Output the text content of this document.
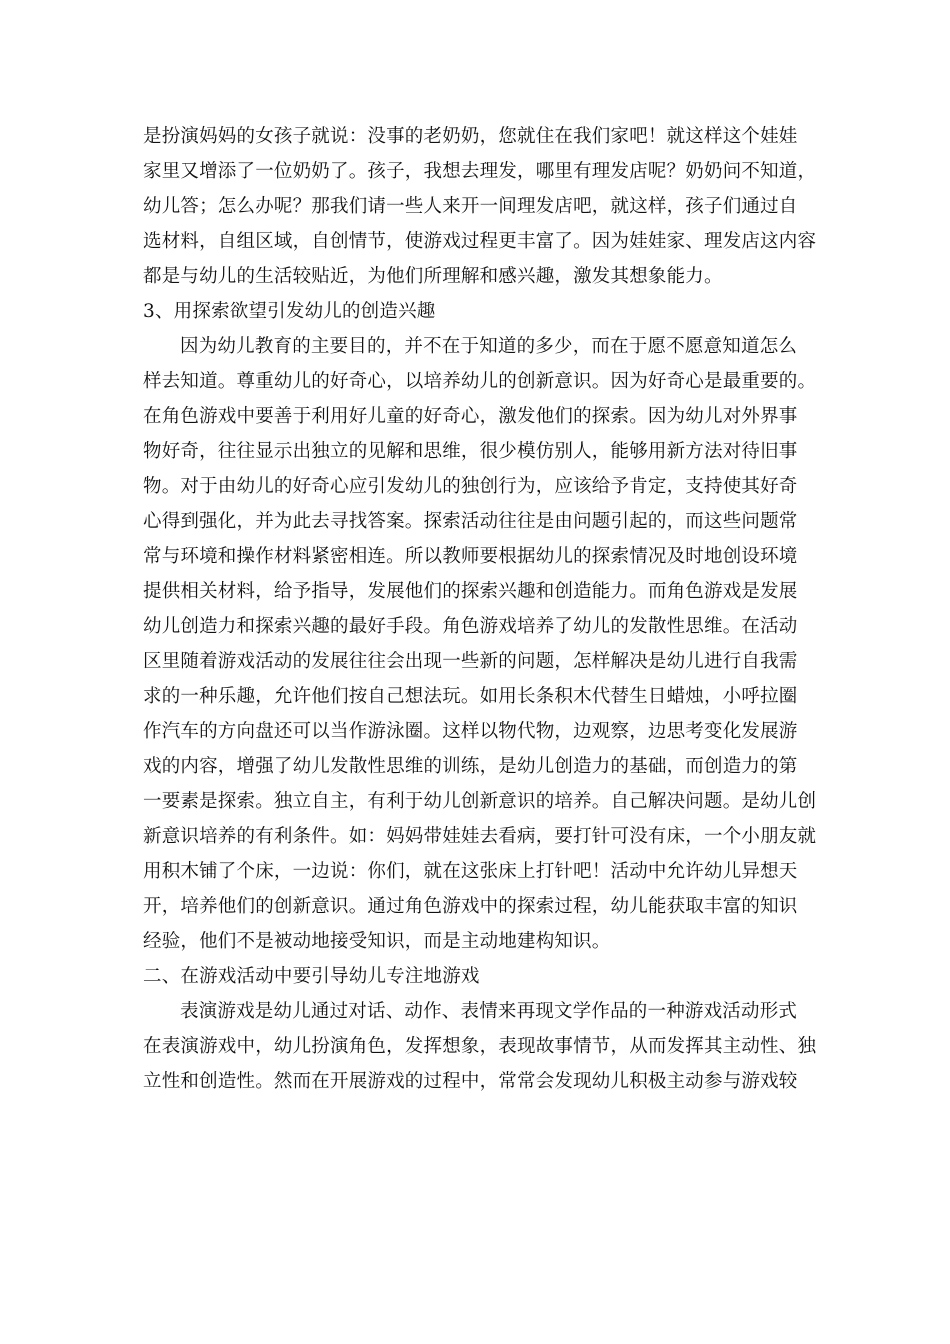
是扮演妈妈的女孩子就说：没事的老奶奶，您就住在我们家吧！就这样这个娃娃
家里又增添了一位奶奶了。孩子，我想去理发，哪里有理发店呢？奶奶问不知道，
幼儿答；怎么办呢？那我们请一些人来开一间理发店吧，就这样，孩子们通过自
选材料，自组区域，自创情节，使游戏过程更丰富了。因为娃娃家、理发店这内容
都是与幼儿的生活较贴近，为他们所理解和感兴趣，激发其想象能力。
3、用探索欲望引发幼儿的创造兴趣
因为幼儿教育的主要目的，并不在于知道的多少，而在于愿不愿意知道怎么
样去知道。尊重幼儿的好奇心，以培养幼儿的创新意识。因为好奇心是最重要的。
在角色游戏中要善于利用好儿童的好奇心，激发他们的探索。因为幼儿对外界事
物好奇，往往显示出独立的见解和思维，很少模仿别人，能够用新方法对待旧事
物。对于由幼儿的好奇心应引发幼儿的独创行为，应该给予肯定，支持使其好奇
心得到强化，并为此去寻找答案。探索活动往往是由问题引起的，而这些问题常
常与环境和操作材料紧密相连。所以教师要根据幼儿的探索情况及时地创设环境
提供相关材料，给予指导，发展他们的探索兴趣和创造能力。而角色游戏是发展
幼儿创造力和探索兴趣的最好手段。角色游戏培养了幼儿的发散性思维。在活动
区里随着游戏活动的发展往往会出现一些新的问题，怎样解决是幼儿进行自我需
求的一种乐趣，允许他们按自己想法玩。如用长条积木代替生日蜡烛，小呼拉圈
作汽车的方向盘还可以当作游泳圈。这样以物代物，边观察，边思考变化发展游
戏的内容，增强了幼儿发散性思维的训练，是幼儿创造力的基础，而创造力的第
一要素是探索。独立自主，有利于幼儿创新意识的培养。自己解决问题。是幼儿创
新意识培养的有利条件。如：妈妈带娃娃去看病，要打针可没有床，一个小朋友就
用积木铺了个床，一边说：你们，就在这张床上打针吧！活动中允许幼儿异想天
开，培养他们的创新意识。通过角色游戏中的探索过程，幼儿能获取丰富的知识
经验，他们不是被动地接受知识，而是主动地建构知识。
二、在游戏活动中要引导幼儿专注地游戏
表演游戏是幼儿通过对话、动作、表情来再现文学作品的一种游戏活动形式
在表演游戏中，幼儿扮演角色，发挥想象，表现故事情节，从而发挥其主动性、独
立性和创造性。然而在开展游戏的过程中，常常会发现幼儿积极主动参与游戏较
